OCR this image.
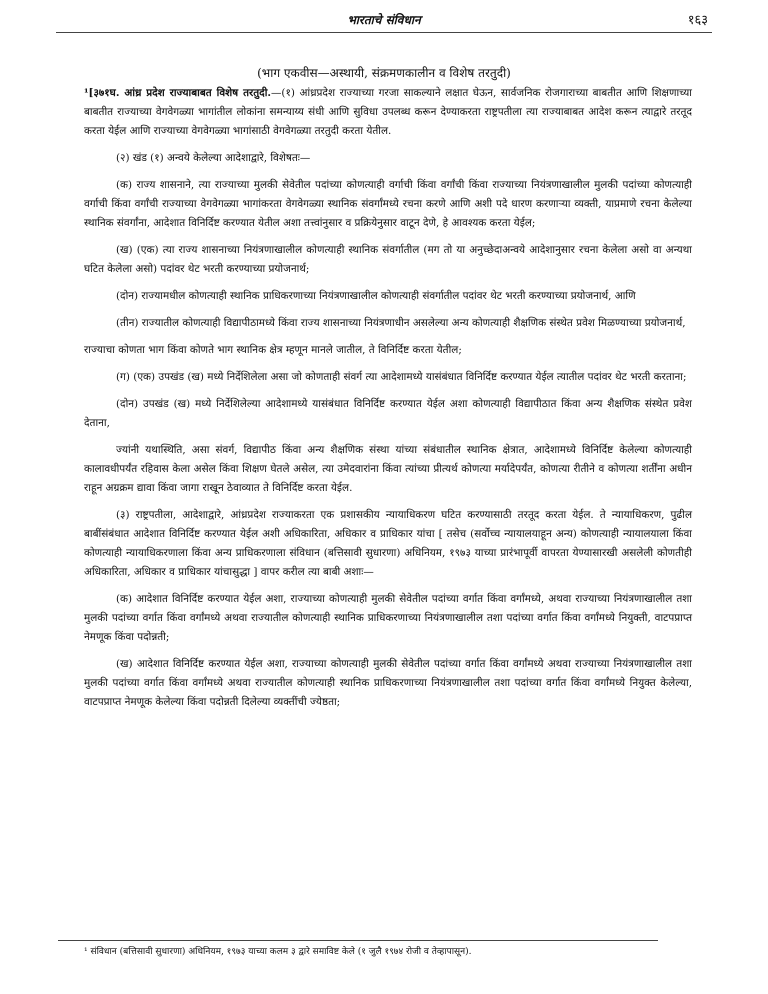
भारताचे संविधान	१६३
(भाग एकवीस—अस्थायी, संक्रमणकालीन व विशेष तरतुदी)

¹[३७१घ. आंध्र प्रदेश राज्याबाबत विशेष तरतुदी.—(१) आंध्रप्रदेश राज्याच्या गरजा साकल्याने लक्षात घेऊन, सार्वजनिक रोजगाराच्या बाबतीत आणि शिक्षणाच्या बाबतीत राज्याच्या वेगवेगळ्या भागांतील लोकांना समन्याय्य संधी आणि सुविधा उपलब्ध करून देण्याकरता राष्ट्रपतीला त्या राज्याबाबत आदेश करून त्याद्वारे तरतूद करता येईल आणि राज्याच्या वेगवेगळ्या भागांसाठी वेगवेगळ्या तरतुदी करता येतील.

(२) खंड (१) अन्वये केलेल्या आदेशाद्वारे, विशेषतः—

(क) राज्य शासनाने, त्या राज्याच्या मुलकी सेवेतील पदांच्या कोणत्याही वर्गाची किंवा वर्गांची किंवा राज्याच्या नियंत्रणाखालील मुलकी पदांच्या कोणत्याही वर्गाची किंवा वर्गांची राज्याच्या वेगवेगळ्या भागांकरता वेगवेगळ्या स्थानिक संवर्गांमध्ये रचना करणे आणि अशी पदे धारण करणाऱ्या व्यक्ती, याप्रमाणे रचना केलेल्या स्थानिक संवर्गांना, आदेशात विनिर्दिष्ट करण्यात येतील अशा तत्त्वांनुसार व प्रक्रियेनुसार वाटून देणे, हे आवश्यक करता येईल;

(ख) (एक) त्या राज्य शासनाच्या नियंत्रणाखालील कोणत्याही स्थानिक संवर्गातील (मग तो या अनुच्छेदाअन्वये आदेशानुसार रचना केलेला असो वा अन्यथा घटित केलेला असो) पदांवर थेट भरती करण्याच्या प्रयोजनार्थ;

(दोन) राज्यामधील कोणत्याही स्थानिक प्राधिकरणाच्या नियंत्रणाखालील कोणत्याही संवर्गातील पदांवर थेट भरती करण्याच्या प्रयोजनार्थ, आणि

(तीन) राज्यातील कोणत्याही विद्यापीठामध्ये किंवा राज्य शासनाच्या नियंत्रणाधीन असलेल्या अन्य कोणत्याही शैक्षणिक संस्थेत प्रवेश मिळण्याच्या प्रयोजनार्थ,

राज्याचा कोणता भाग किंवा कोणते भाग स्थानिक क्षेत्र म्हणून मानले जातील, ते विनिर्दिष्ट करता येतील;

(ग) (एक) उपखंड (ख) मध्ये निर्देशिलेला असा जो कोणताही संवर्ग त्या आदेशामध्ये यासंबंधात विनिर्दिष्ट करण्यात येईल त्यातील पदांवर थेट भरती करताना;

(दोन) उपखंड (ख) मध्ये निर्देशिलेल्या आदेशामध्ये यासंबंधात विनिर्दिष्ट करण्यात येईल अशा कोणत्याही विद्यापीठात किंवा अन्य शैक्षणिक संस्थेत प्रवेश देताना,

ज्यांनी यथास्थिति, असा संवर्ग, विद्यापीठ किंवा अन्य शैक्षणिक संस्था यांच्या संबंधातील स्थानिक क्षेत्रात, आदेशामध्ये विनिर्दिष्ट केलेल्या कोणत्याही कालावधीपर्यंत रहिवास केला असेल किंवा शिक्षण घेतले असेल, त्या उमेदवारांना किंवा त्यांच्या प्रीत्यर्थ कोणत्या मर्यादेपर्यंत, कोणत्या रीतीने व कोणत्या शर्तींना अधीन राहून अग्रक्रम द्यावा किंवा जागा राखून ठेवाव्यात ते विनिर्दिष्ट करता येईल.

(३) राष्ट्रपतीला, आदेशाद्वारे, आंध्रप्रदेश राज्याकरता एक प्रशासकीय न्यायाधिकरण घटित करण्यासाठी तरतूद करता येईल. ते न्यायाधिकरण, पुढील बाबींसंबंधात आदेशात विनिर्दिष्ट करण्यात येईल अशी अधिकारिता, अधिकार व प्राधिकार यांचा [ तसेच (सर्वोच्च न्यायालयाहून अन्य) कोणत्याही न्यायालयाला किंवा कोणत्याही न्यायाधिकरणाला किंवा अन्य प्राधिकरणाला संविधान (बत्तिसावी सुधारणा) अधिनियम, १९७३ याच्या प्रारंभापूर्वी वापरता येण्यासारखी असलेली कोणतीही अधिकारिता, अधिकार व प्राधिकार यांचासुद्धा ] वापर करील त्या बाबी अशाः—

(क) आदेशात विनिर्दिष्ट करण्यात येईल अशा, राज्याच्या कोणत्याही मुलकी सेवेतील पदांच्या वर्गात किंवा वर्गांमध्ये, अथवा राज्याच्या नियंत्रणाखालील तशा मुलकी पदांच्या वर्गात किंवा वर्गांमध्ये अथवा राज्यातील कोणत्याही स्थानिक प्राधिकरणाच्या नियंत्रणाखालील तशा पदांच्या वर्गात किंवा वर्गांमध्ये नियुक्ती, वाटपप्राप्त नेमणूक किंवा पदोन्नती;

(ख) आदेशात विनिर्दिष्ट करण्यात येईल अशा, राज्याच्या कोणत्याही मुलकी सेवेतील पदांच्या वर्गात किंवा वर्गांमध्ये अथवा राज्याच्या नियंत्रणाखालील तशा मुलकी पदांच्या वर्गात किंवा वर्गांमध्ये अथवा राज्यातील कोणत्याही स्थानिक प्राधिकरणाच्या नियंत्रणाखालील तशा पदांच्या वर्गात किंवा वर्गांमध्ये नियुक्त केलेल्या, वाटपप्राप्त नेमणूक केलेल्या किंवा पदोन्नती दिलेल्या व्यक्तींची ज्येष्ठता;

¹ संविधान (बत्तिसावी सुधारणा) अधिनियम, १९७३ याच्या कलम ३ द्वारे समाविष्ट केले (१ जुलै १९७४ रोजी व तेव्हापासून).
